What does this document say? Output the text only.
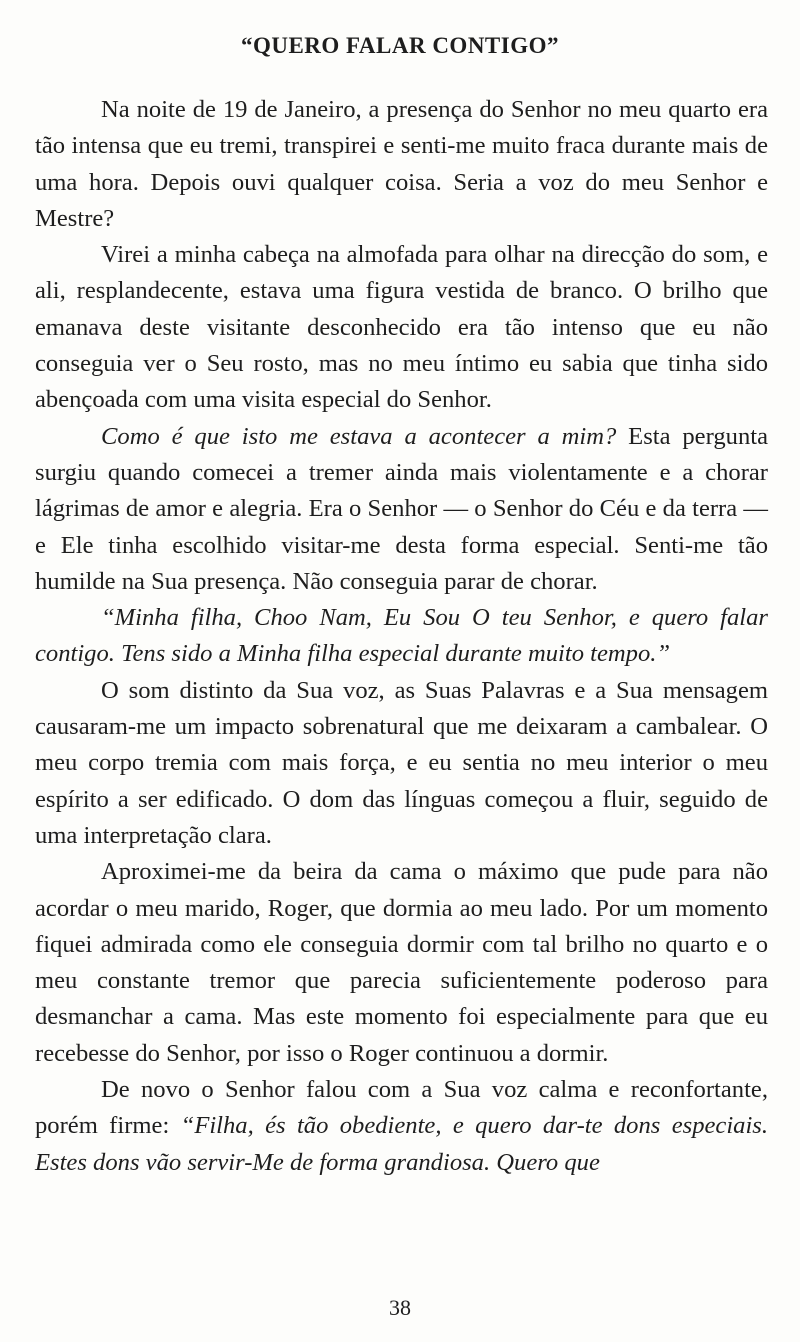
“QUERO FALAR CONTIGO”

Na noite de 19 de Janeiro, a presença do Senhor no meu quarto era tão intensa que eu tremi, transpirei e senti-me muito fraca durante mais de uma hora. Depois ouvi qualquer coisa. Seria a voz do meu Senhor e Mestre?

Virei a minha cabeça na almofada para olhar na direcção do som, e ali, resplandecente, estava uma figura vestida de branco. O brilho que emanava deste visitante desconhecido era tão intenso que eu não conseguia ver o Seu rosto, mas no meu íntimo eu sabia que tinha sido abençoada com uma visita especial do Senhor.

Como é que isto me estava a acontecer a mim? Esta pergunta surgiu quando comecei a tremer ainda mais violentamente e a chorar lágrimas de amor e alegria. Era o Senhor — o Senhor do Céu e da terra — e Ele tinha escolhido visitar-me desta forma especial. Senti-me tão humilde na Sua presença. Não conseguia parar de chorar.

“Minha filha, Choo Nam, Eu Sou O teu Senhor, e quero falar contigo. Tens sido a Minha filha especial durante muito tempo.”

O som distinto da Sua voz, as Suas Palavras e a Sua mensagem causaram-me um impacto sobrenatural que me deixaram a cambalear. O meu corpo tremia com mais força, e eu sentia no meu interior o meu espírito a ser edificado. O dom das línguas começou a fluir, seguido de uma interpretação clara.

Aproximei-me da beira da cama o máximo que pude para não acordar o meu marido, Roger, que dormia ao meu lado. Por um momento fiquei admirada como ele conseguia dormir com tal brilho no quarto e o meu constante tremor que parecia suficientemente poderoso para desmanchar a cama. Mas este momento foi especialmente para que eu recebesse do Senhor, por isso o Roger continuou a dormir.

De novo o Senhor falou com a Sua voz calma e reconfortante, porém firme: “Filha, és tão obediente, e quero dar-te dons especiais. Estes dons vão servir-Me de forma grandiosa. Quero que

38
